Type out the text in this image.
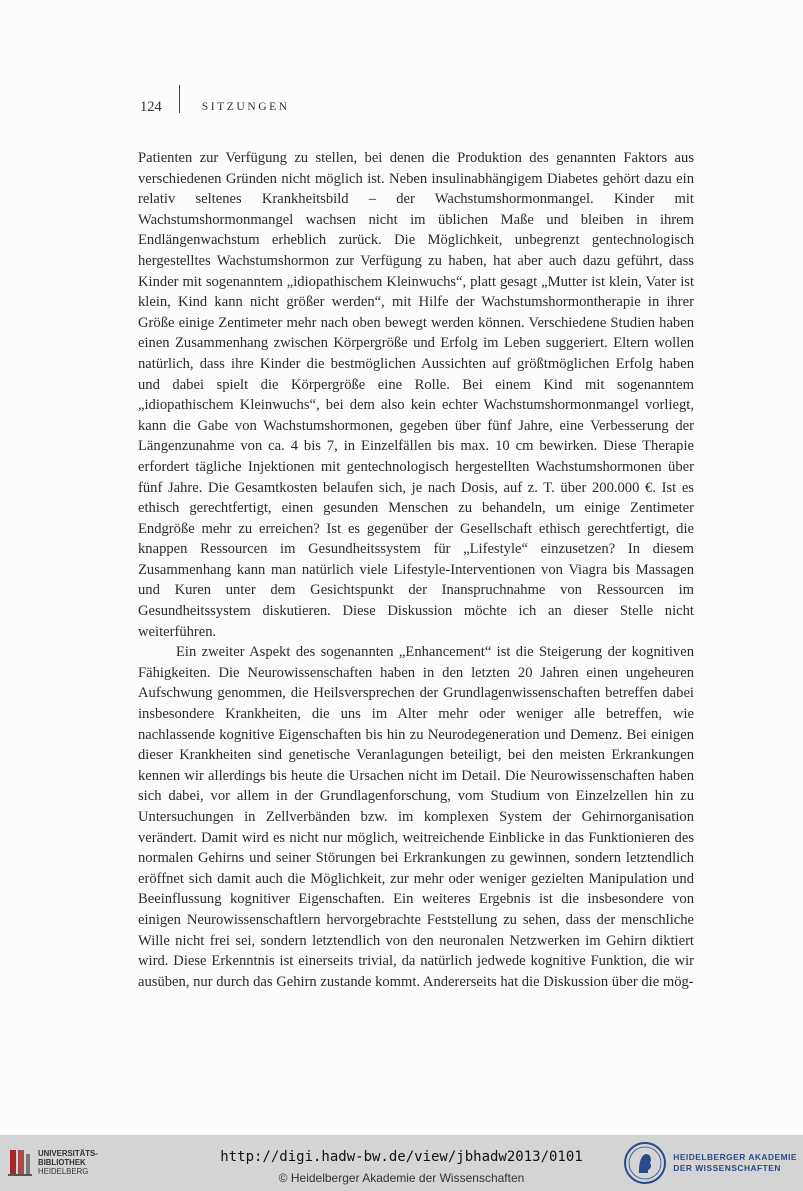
124	SITZUNGEN

Patienten zur Verfügung zu stellen, bei denen die Produktion des genannten Faktors aus verschiedenen Gründen nicht möglich ist. Neben insulinabhängigem Diabetes gehört dazu ein relativ seltenes Krankheitsbild – der Wachstumshormonmangel. Kinder mit Wachstumshormonmangel wachsen nicht im üblichen Maße und bleiben in ihrem Endlängenwachstum erheblich zurück. Die Möglichkeit, unbegrenzt gentechnologisch hergestelltes Wachstumshormon zur Verfügung zu haben, hat aber auch dazu geführt, dass Kinder mit sogenanntem „idiopathischem Kleinwuchs“, platt gesagt „Mutter ist klein, Vater ist klein, Kind kann nicht größer werden“, mit Hilfe der Wachstumshormontherapie in ihrer Größe einige Zentimeter mehr nach oben bewegt werden können. Verschiedene Studien haben einen Zusammenhang zwischen Körpergröße und Erfolg im Leben suggeriert. Eltern wollen natürlich, dass ihre Kinder die bestmöglichen Aussichten auf größtmöglichen Erfolg haben und dabei spielt die Körpergröße eine Rolle. Bei einem Kind mit sogenanntem „idiopathischem Kleinwuchs“, bei dem also kein echter Wachstumshormonmangel vorliegt, kann die Gabe von Wachstumshormonen, gegeben über fünf Jahre, eine Verbesserung der Längenzunahme von ca. 4 bis 7, in Einzelfällen bis max. 10 cm bewirken. Diese Therapie erfordert tägliche Injektionen mit gentechnologisch hergestellten Wachstumshormonen über fünf Jahre. Die Gesamtkosten belaufen sich, je nach Dosis, auf z. T. über 200.000 €. Ist es ethisch gerechtfertigt, einen gesunden Menschen zu behandeln, um einige Zentimeter Endgröße mehr zu erreichen? Ist es gegenüber der Gesellschaft ethisch gerechtfertigt, die knappen Ressourcen im Gesundheitssystem für „Lifestyle“ einzusetzen? In diesem Zusammenhang kann man natürlich viele Lifestyle-Interventionen von Viagra bis Massagen und Kuren unter dem Gesichtspunkt der Inanspruchnahme von Ressourcen im Gesundheitssystem diskutieren. Diese Diskussion möchte ich an dieser Stelle nicht weiterführen.

Ein zweiter Aspekt des sogenannten „Enhancement“ ist die Steigerung der kognitiven Fähigkeiten. Die Neurowissenschaften haben in den letzten 20 Jahren einen ungeheuren Aufschwung genommen, die Heilsversprechen der Grundlagenwissenschaften betreffen dabei insbesondere Krankheiten, die uns im Alter mehr oder weniger alle betreffen, wie nachlassende kognitive Eigenschaften bis hin zu Neurodegeneration und Demenz. Bei einigen dieser Krankheiten sind genetische Veranlagungen beteiligt, bei den meisten Erkrankungen kennen wir allerdings bis heute die Ursachen nicht im Detail. Die Neurowissenschaften haben sich dabei, vor allem in der Grundlagenforschung, vom Studium von Einzelzellen hin zu Untersuchungen in Zellverbänden bzw. im komplexen System der Gehirnorganisation verändert. Damit wird es nicht nur möglich, weitreichende Einblicke in das Funktionieren des normalen Gehirns und seiner Störungen bei Erkrankungen zu gewinnen, sondern letztendlich eröffnet sich damit auch die Möglichkeit, zur mehr oder weniger gezielten Manipulation und Beeinflussung kognitiver Eigenschaften. Ein weiteres Ergebnis ist die insbesondere von einigen Neurowissenschaftlern hervorgebrachte Feststellung zu sehen, dass der menschliche Wille nicht frei sei, sondern letztendlich von den neuronalen Netzwerken im Gehirn diktiert wird. Diese Erkenntnis ist einerseits trivial, da natürlich jedwede kognitive Funktion, die wir ausüben, nur durch das Gehirn zustande kommt. Andererseits hat die Diskussion über die mög-

UNIVERSITÄTS-
BIBLIOTHEK
HEIDELBERG
http://digi.hadw-bw.de/view/jbhadw2013/0101
© Heidelberger Akademie der Wissenschaften
HEIDELBERGER AKADEMIE
DER WISSENSCHAFTEN
